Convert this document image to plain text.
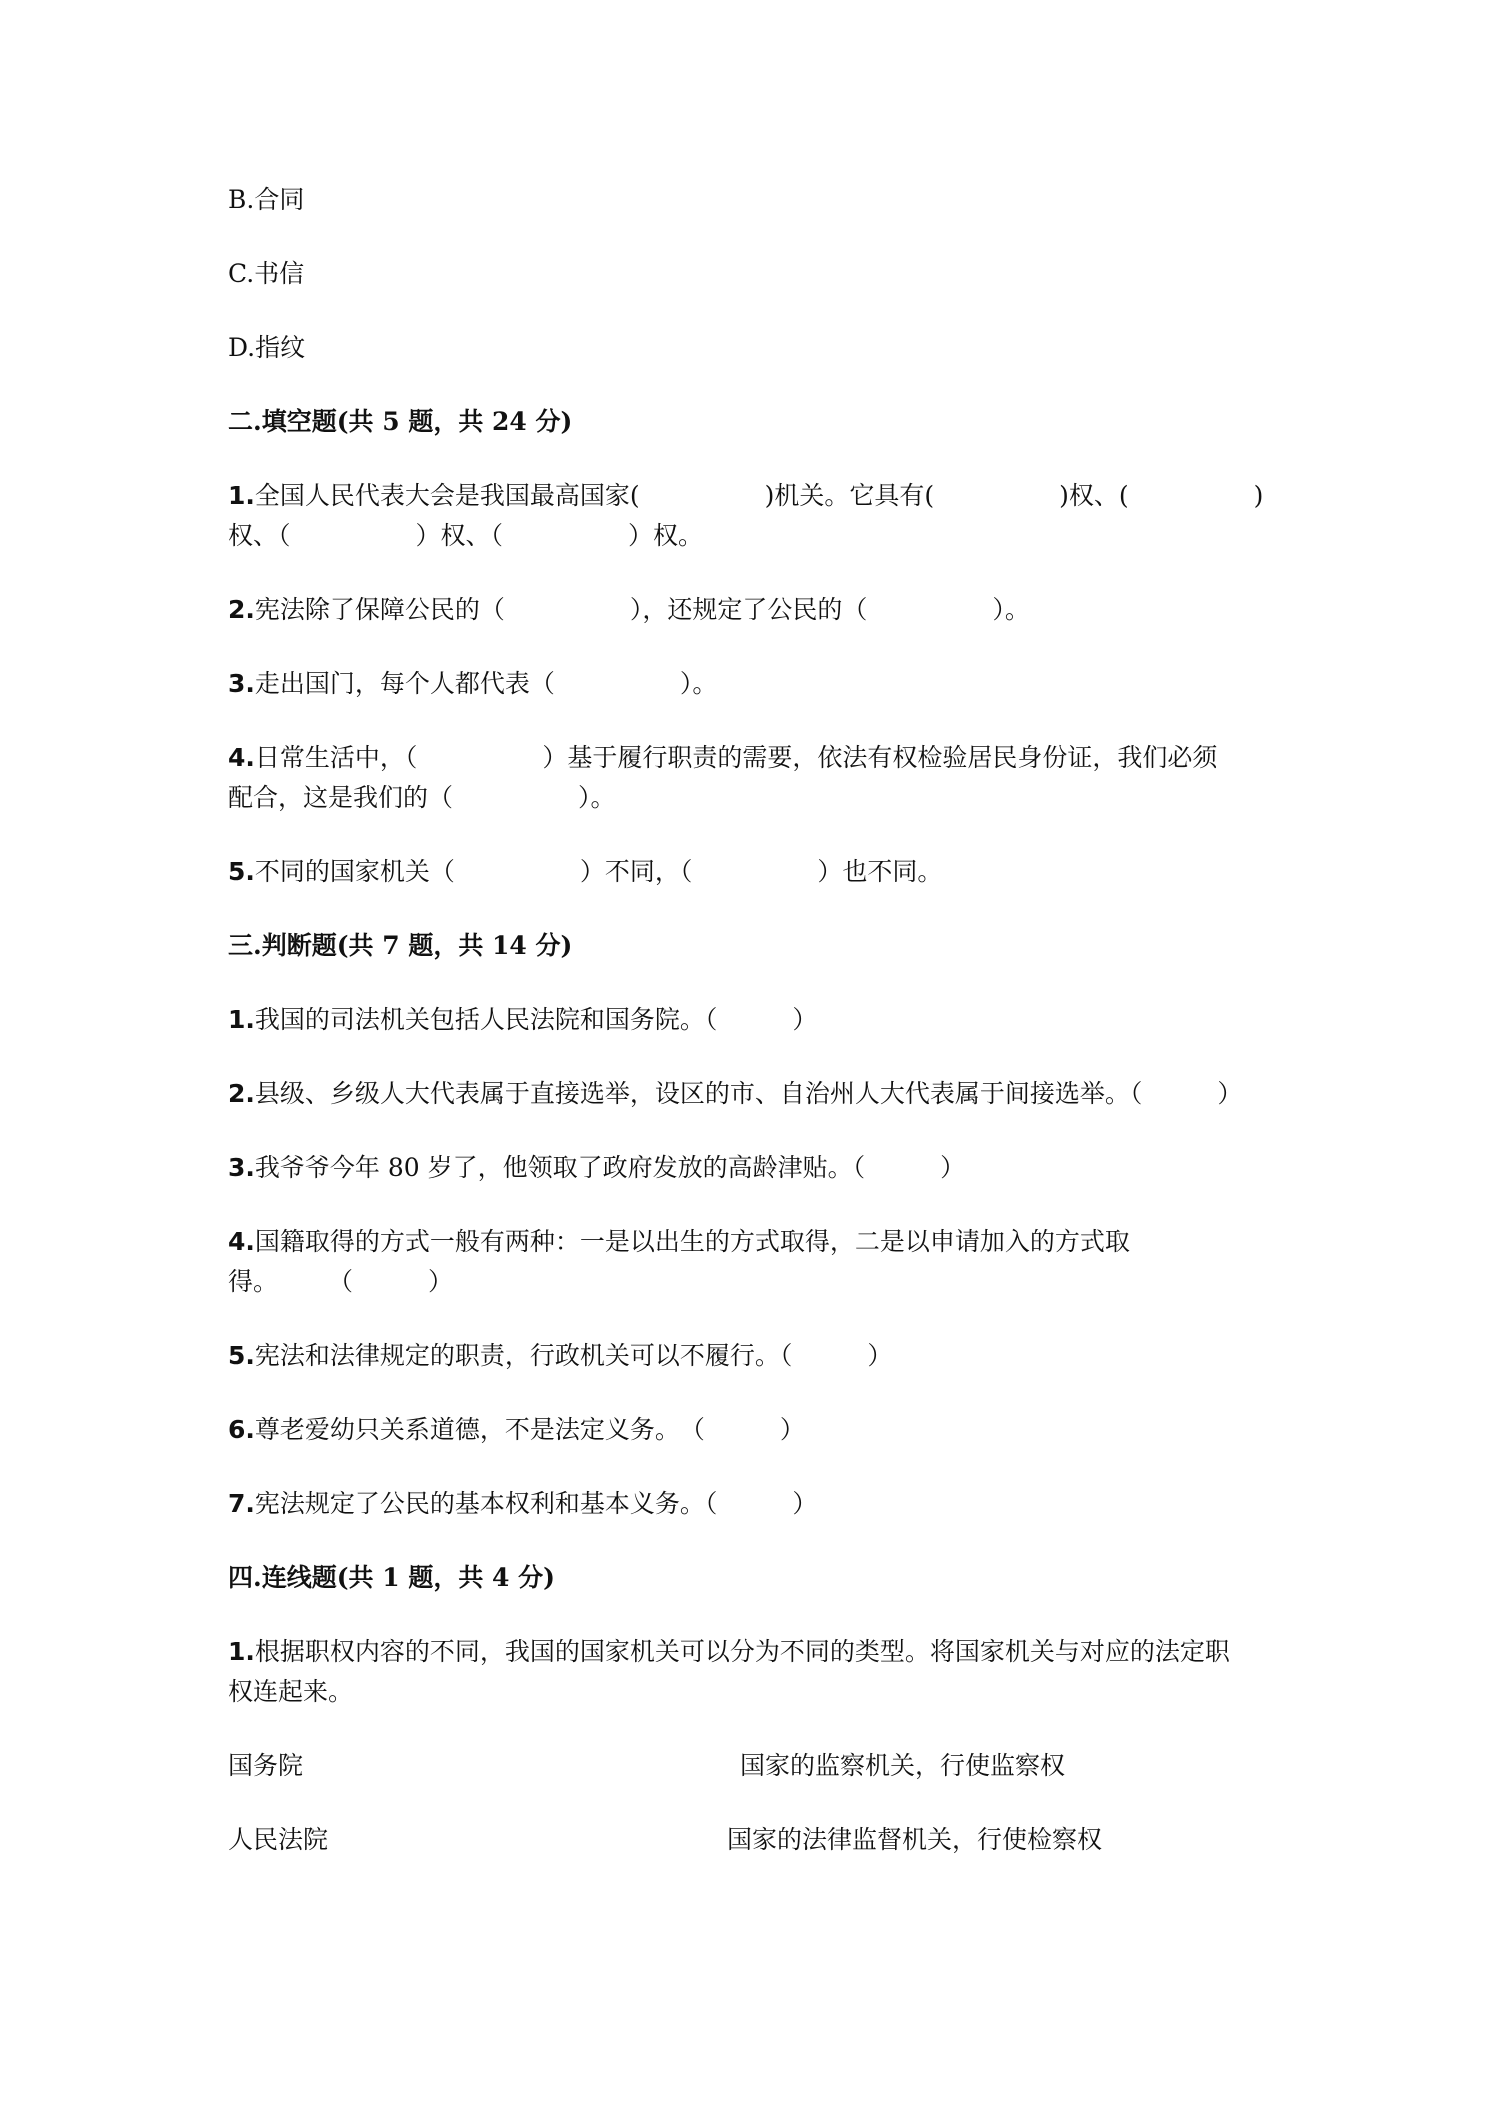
B.合同
C.书信
D.指纹
二.填空题(共 5 题，共 24 分)
1.全国人民代表大会是我国最高国家(　　　　　)机关。它具有(　　　　　)权、(　　　　　)
权、（　　　　　）权、（　　　　　）权。
2.宪法除了保障公民的（　　　　　），还规定了公民的（　　　　　）。
3.走出国门，每个人都代表（　　　　　）。
4.日常生活中，（　　　　　）基于履行职责的需要，依法有权检验居民身份证，我们必须
配合，这是我们的（　　　　　）。
5.不同的国家机关（　　　　　）不同，（　　　　　）也不同。
三.判断题(共 7 题，共 14 分)
1.我国的司法机关包括人民法院和国务院。（　　　）
2.县级、乡级人大代表属于直接选举，设区的市、自治州人大代表属于间接选举。（　　　）
3.我爷爷今年 80 岁了，他领取了政府发放的高龄津贴。（　　　）
4.国籍取得的方式一般有两种：一是以出生的方式取得，二是以申请加入的方式取
得。　　　（　　　）
5.宪法和法律规定的职责，行政机关可以不履行。（　　　）
6.尊老爱幼只关系道德，不是法定义务。　（　　　）
7.宪法规定了公民的基本权利和基本义务。（　　　）
四.连线题(共 1 题，共 4 分)
1.根据职权内容的不同，我国的国家机关可以分为不同的类型。将国家机关与对应的法定职
权连起来。
国务院	国家的监察机关，行使监察权
人民法院	国家的法律监督机关，行使检察权
